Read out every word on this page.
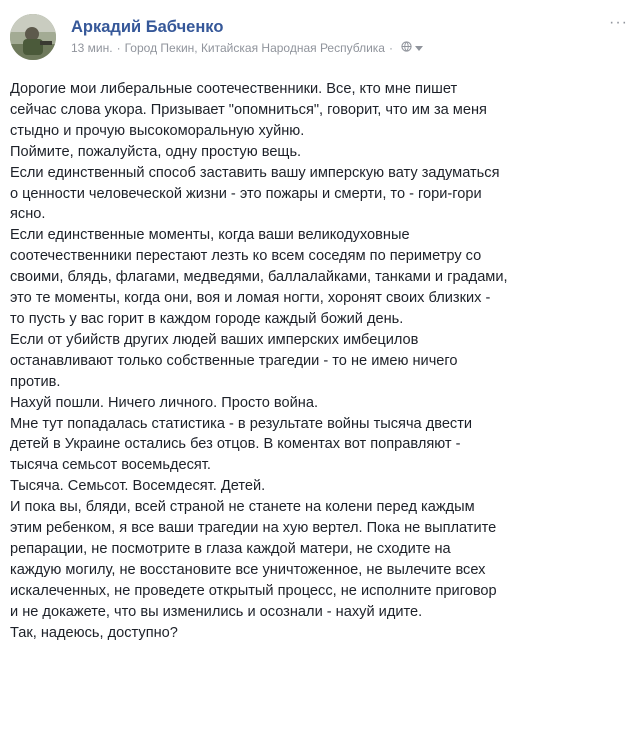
Аркадий Бабченко
13 мин. · Город Пекин, Китайская Народная Республика ·
···
Дорогие мои либеральные соотечественники. Все, кто мне пишет
сейчас слова укора. Призывает "опомниться", говорит, что им за меня
стыдно и прочую высокоморальную хуйню.
Поймите, пожалуйста, одну простую вещь.
Если единственный способ заставить вашу имперскую вату задуматься
о ценности человеческой жизни - это пожары и смерти, то - гори-гори
ясно.
Если единственные моменты, когда ваши великодуховные
соотечественники перестают лезть ко всем соседям по периметру со
своими, блядь, флагами, медведями, баллалайками, танками и градами,
это те моменты, когда они, воя и ломая ногти, хоронят своих близких -
то пусть у вас горит в каждом городе каждый божий день.
Если от убийств других людей ваших имперских имбецилов
останавливают только собственные трагедии - то не имею ничего
против.
Нахуй пошли. Ничего личного. Просто война.
Мне тут попадалась статистика - в результате войны тысяча двести
детей в Украине остались без отцов. В коментах вот поправляют -
тысяча семьсот восемьдесят.
Тысяча. Семьсот. Восемдесят. Детей.
И пока вы, бляди, всей страной не станете на колени перед каждым
этим ребенком, я все ваши трагедии на хую вертел. Пока не выплатите
репарации, не посмотрите в глаза каждой матери, не сходите на
каждую могилу, не восстановите все уничтоженное, не вылечите всех
искалеченных, не проведете открытый процесс, не исполните приговор
и не докажете, что вы изменились и осознали - нахуй идите.
Так, надеюсь, доступно?
